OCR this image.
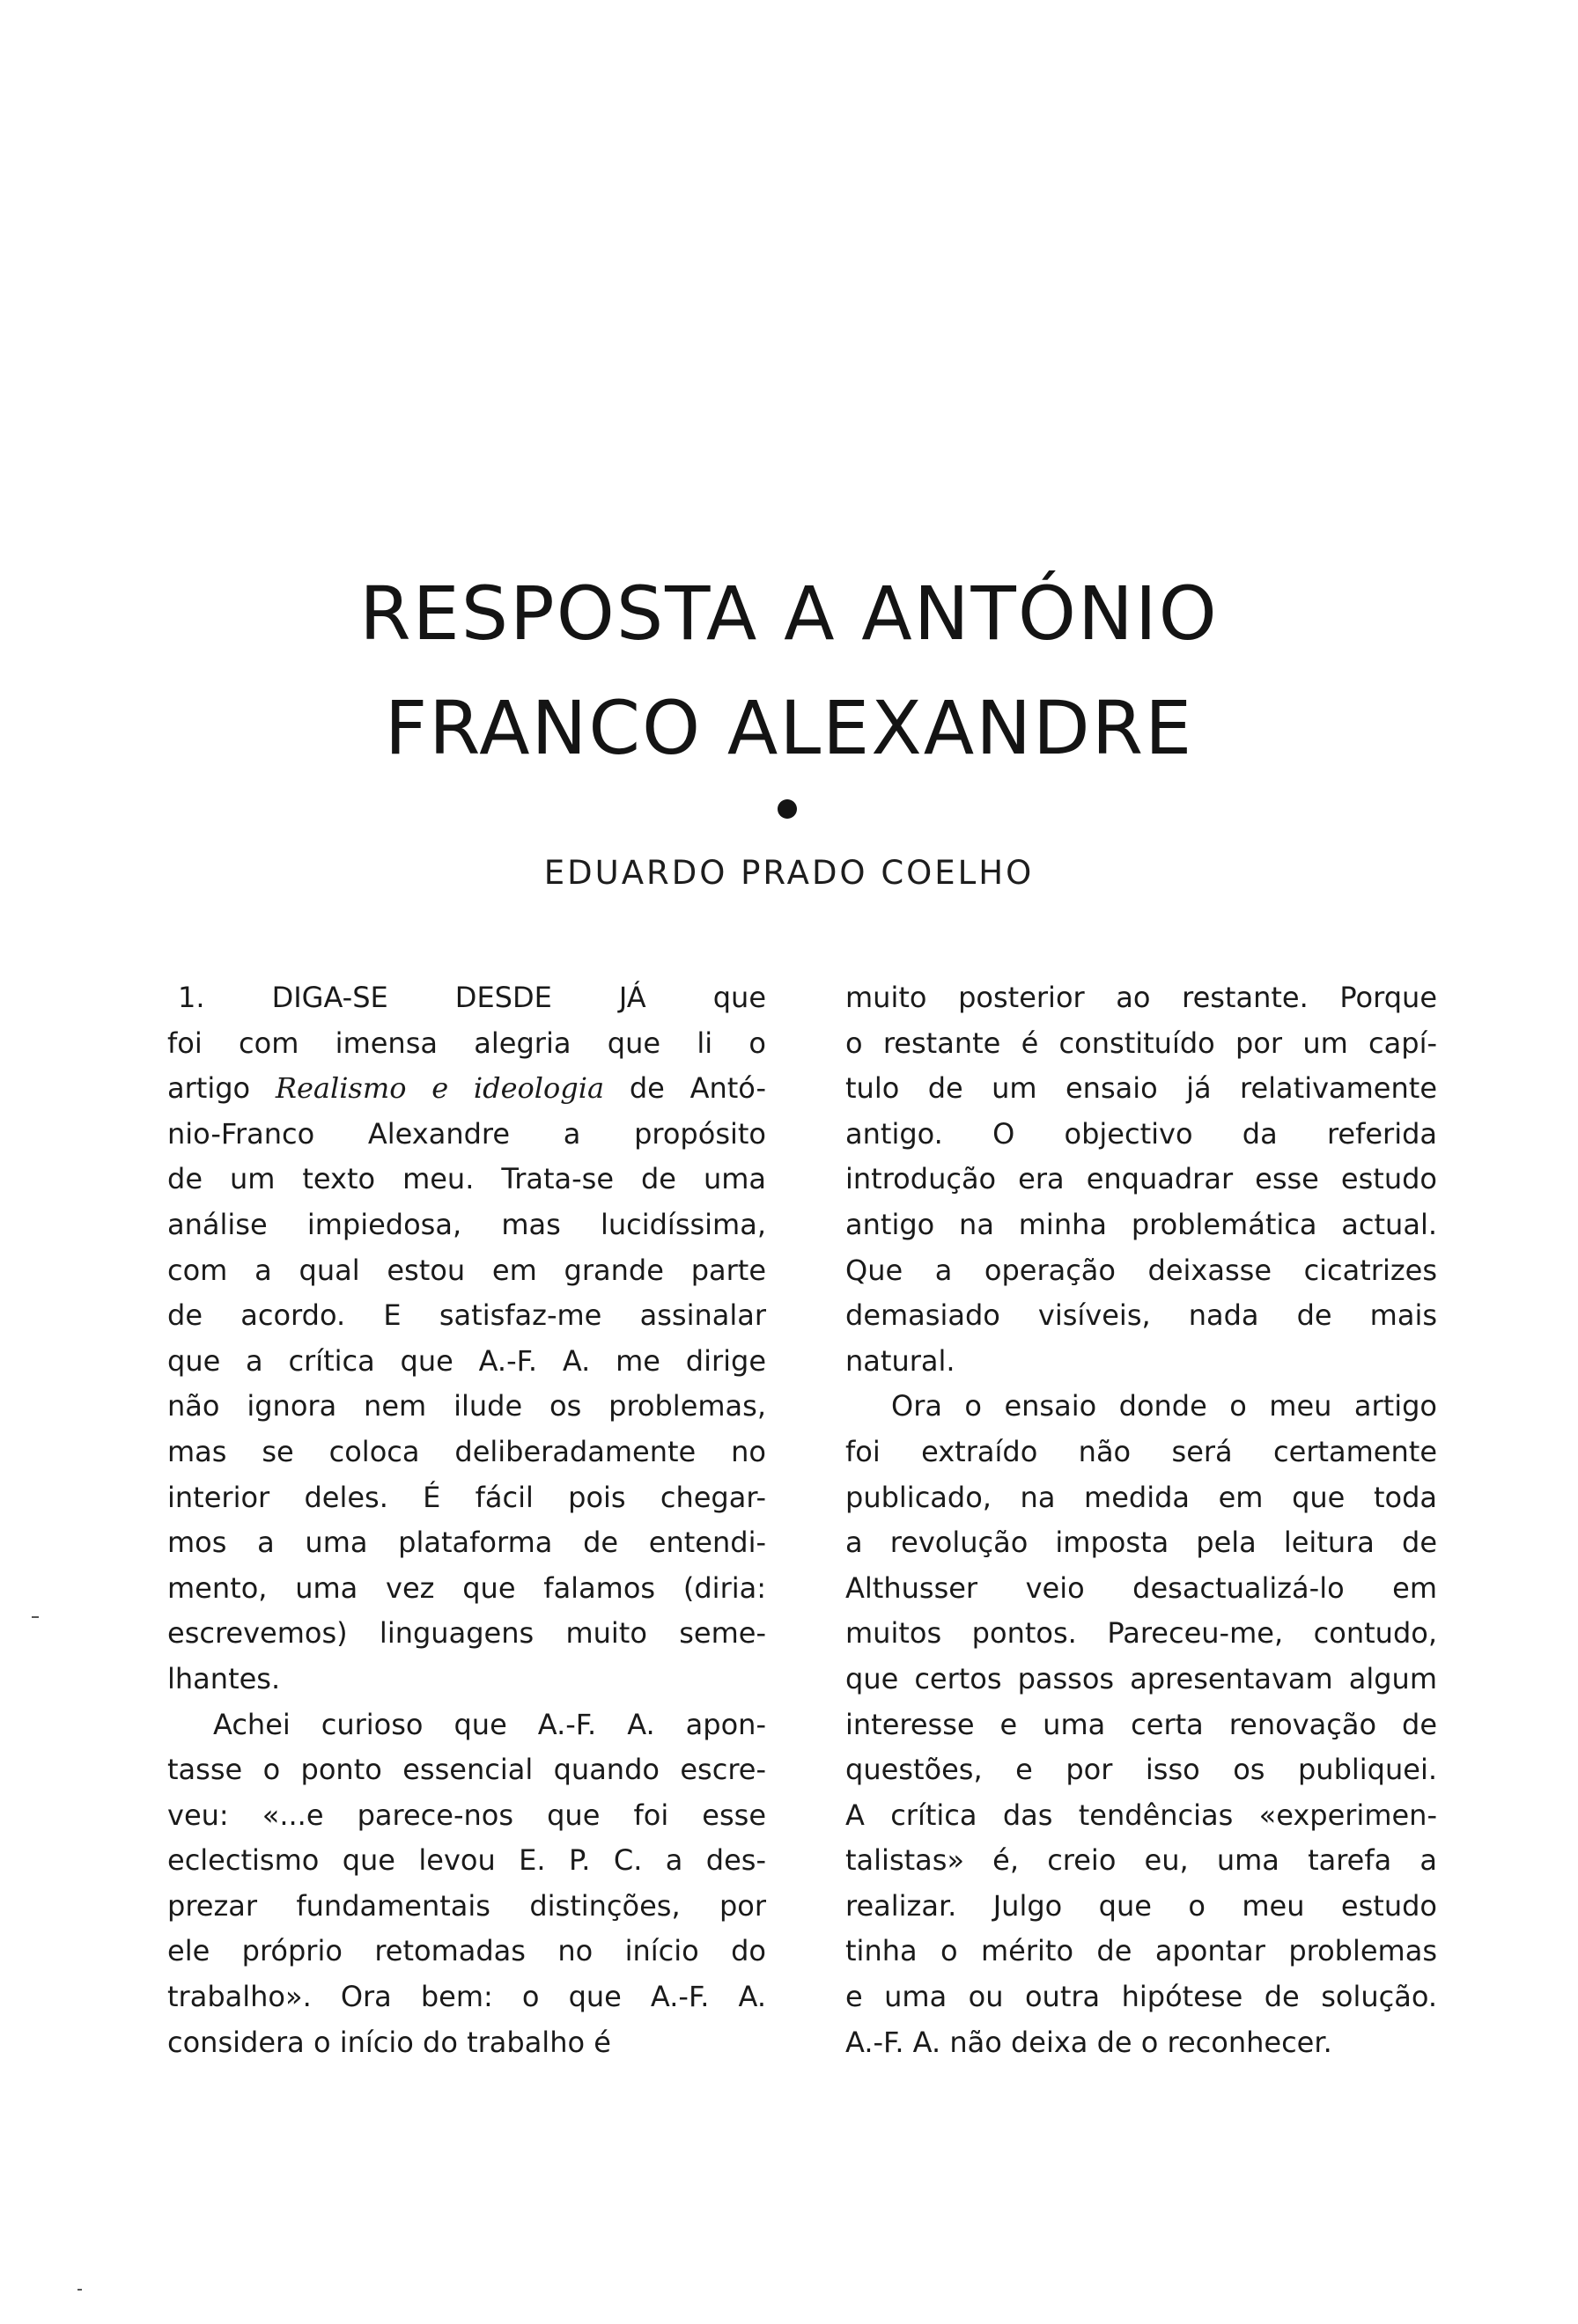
RESPOSTA A ANTÓNIO
FRANCO ALEXANDRE
EDUARDO PRADO COELHO
1. DIGA-SE DESDE JÁ que
foi com imensa alegria que li o
artigo Realismo e ideologia de Antó-
nio-Franco Alexandre a propósito
de um texto meu. Trata-se de uma
análise impiedosa, mas lucidíssima,
com a qual estou em grande parte
de acordo. E satisfaz-me assinalar
que a crítica que A.-F. A. me dirige
não ignora nem ilude os problemas,
mas se coloca deliberadamente no
interior deles. É fácil pois chegar-
mos a uma plataforma de entendi-
mento, uma vez que falamos (diria:
escrevemos) linguagens muito seme-
lhantes.
Achei curioso que A.-F. A. apon-
tasse o ponto essencial quando escre-
veu: «...e parece-nos que foi esse
eclectismo que levou E. P. C. a des-
prezar fundamentais distinções, por
ele próprio retomadas no início do
trabalho». Ora bem: o que A.-F. A.
considera o início do trabalho é
muito posterior ao restante. Porque
o restante é constituído por um capí-
tulo de um ensaio já relativamente
antigo. O objectivo da referida
introdução era enquadrar esse estudo
antigo na minha problemática actual.
Que a operação deixasse cicatrizes
demasiado visíveis, nada de mais
natural.
Ora o ensaio donde o meu artigo
foi extraído não será certamente
publicado, na medida em que toda
a revolução imposta pela leitura de
Althusser veio desactualizá-lo em
muitos pontos. Pareceu-me, contudo,
que certos passos apresentavam algum
interesse e uma certa renovação de
questões, e por isso os publiquei.
A crítica das tendências «experimen-
talistas» é, creio eu, uma tarefa a
realizar. Julgo que o meu estudo
tinha o mérito de apontar problemas
e uma ou outra hipótese de solução.
A.-F. A. não deixa de o reconhecer.
